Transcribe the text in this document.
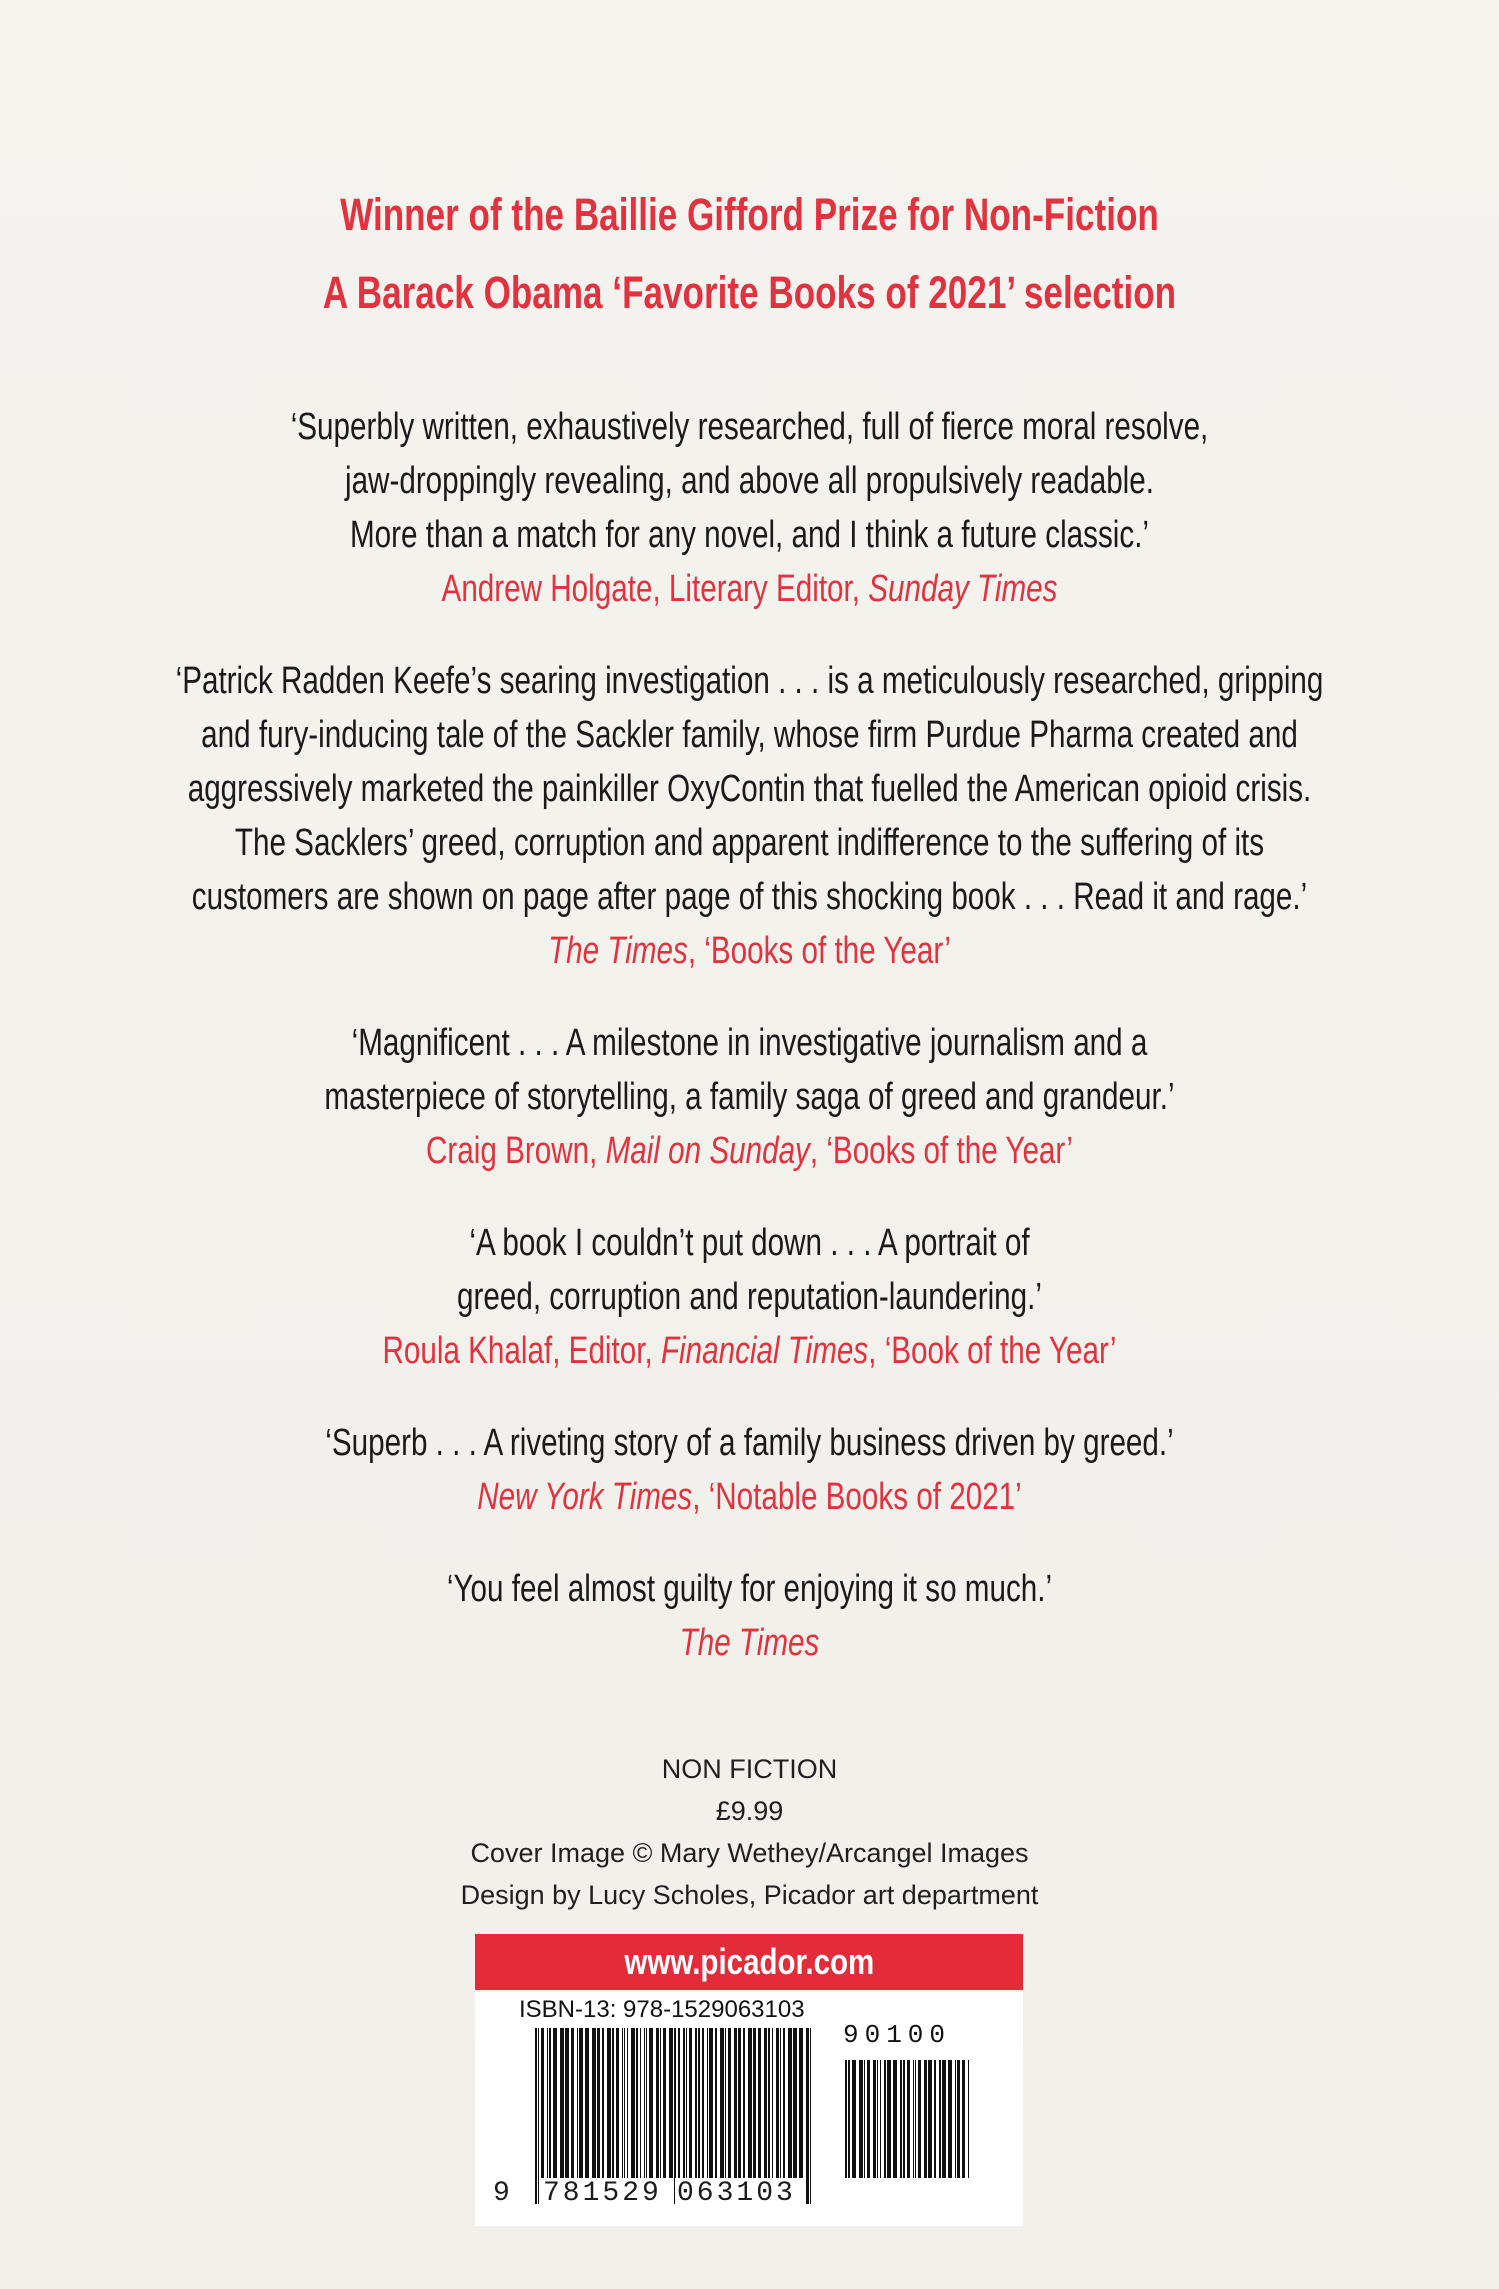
Winner of the Baillie Gifford Prize for Non-Fiction
A Barack Obama ‘Favorite Books of 2021’ selection
‘Superbly written, exhaustively researched, full of fierce moral resolve,
jaw-droppingly revealing, and above all propulsively readable.
More than a match for any novel, and I think a future classic.’
Andrew Holgate, Literary Editor, Sunday Times
‘Patrick Radden Keefe’s searing investigation . . . is a meticulously researched, gripping
and fury-inducing tale of the Sackler family, whose firm Purdue Pharma created and
aggressively marketed the painkiller OxyContin that fuelled the American opioid crisis.
The Sacklers’ greed, corruption and apparent indifference to the suffering of its
customers are shown on page after page of this shocking book . . . Read it and rage.’
The Times, ‘Books of the Year’
‘Magnificent . . . A milestone in investigative journalism and a
masterpiece of storytelling, a family saga of greed and grandeur.’
Craig Brown, Mail on Sunday, ‘Books of the Year’
‘A book I couldn’t put down . . . A portrait of
greed, corruption and reputation-laundering.’
Roula Khalaf, Editor, Financial Times, ‘Book of the Year’
‘Superb . . . A riveting story of a family business driven by greed.’
New York Times, ‘Notable Books of 2021’
‘You feel almost guilty for enjoying it so much.’
The Times
NON FICTION
£9.99
Cover Image © Mary Wethey/Arcangel Images
Design by Lucy Scholes, Picador art department
www.picador.com
ISBN-13: 978-1529063103
90100
9 781529 063103
